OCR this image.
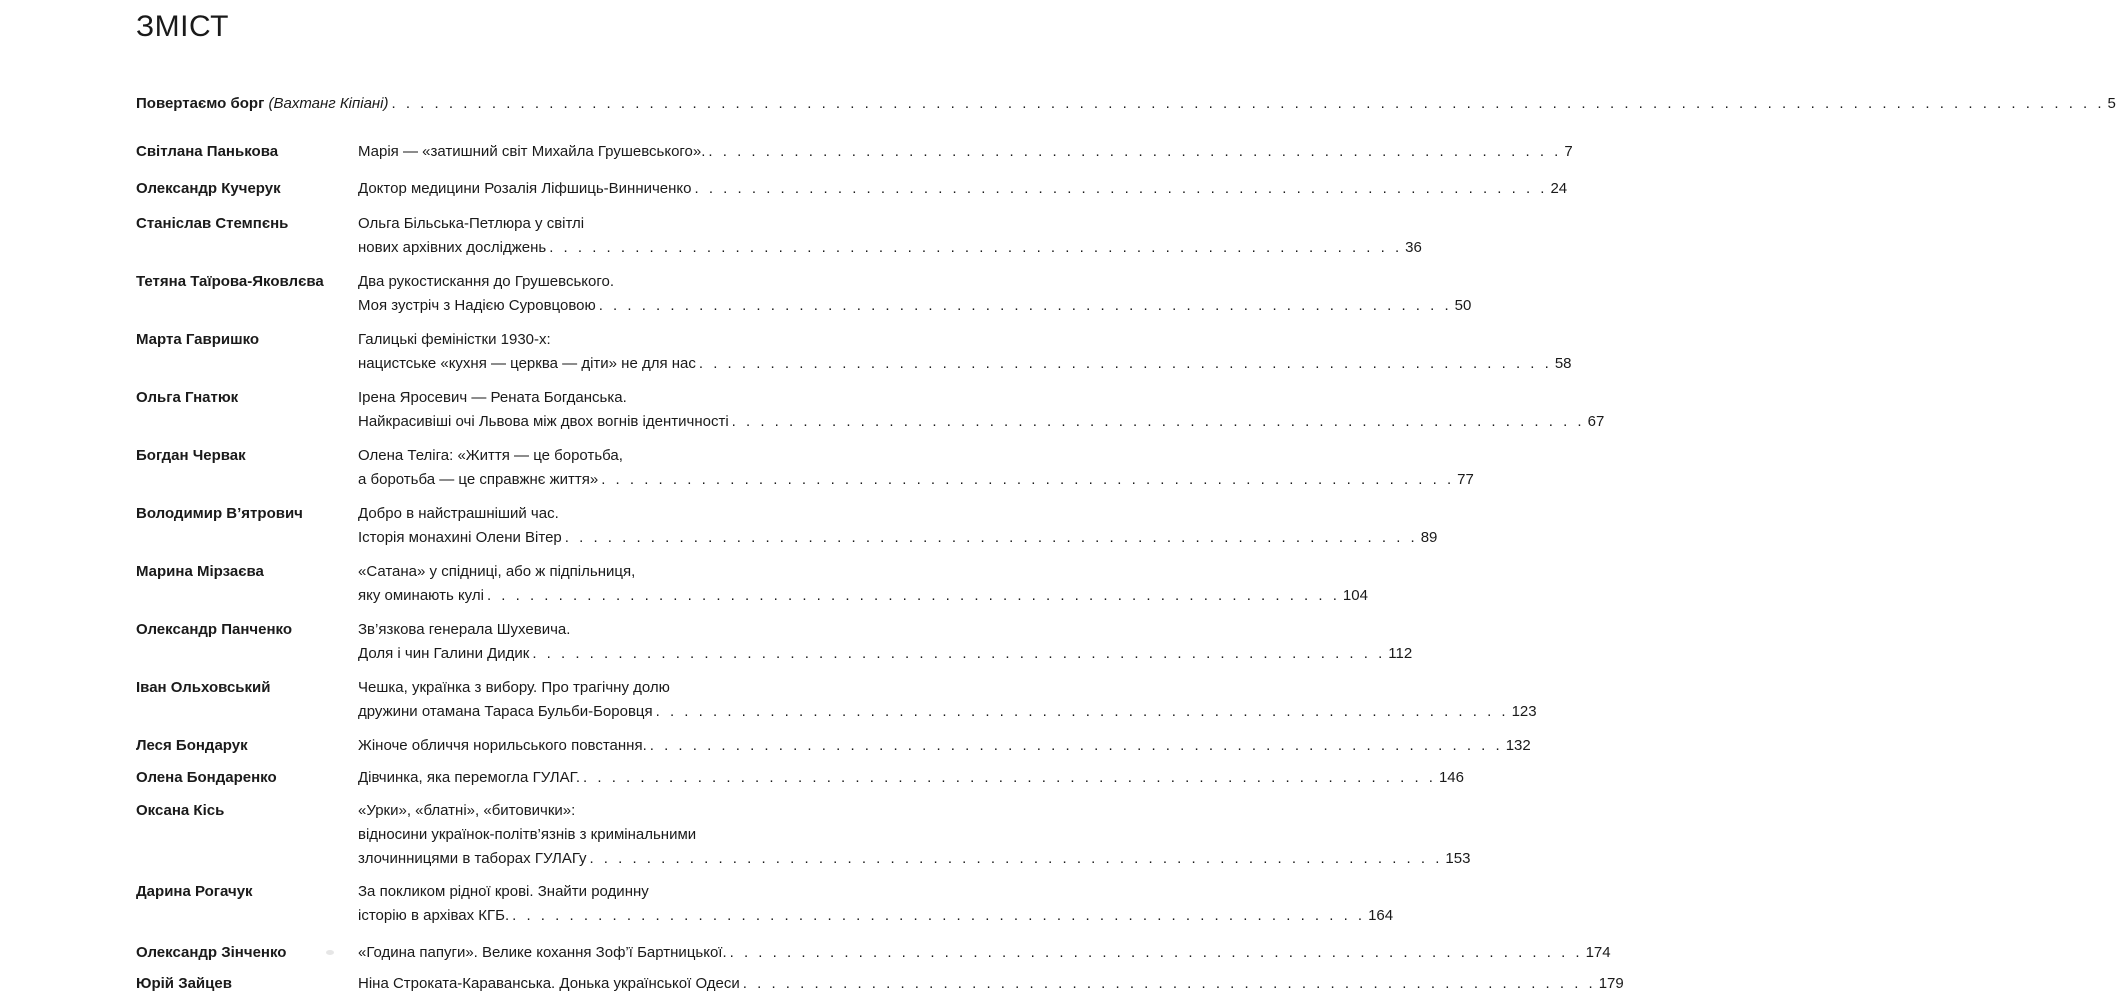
ЗМІСТ
Повертаємо борг (Вахтанг Кіпіані) . . . . . . . . . . . . . . . . . . . . . . . . . . . . . . . . . . . . . . . . . . . . . . . . . . . . . . . . . . . . . . . . . . . . . . . . . . . . . . . . . . . . . . . . . . . . . . . . . . . . . . . . . . . . . . . . . . . . . . . . 5
Світлана Панькова	Марія — «затишний світ Михайла Грушевського». . . . . . . . . . . . . . . . . . . . . . . . . . . . . . . . . . . . . . . . . . . . . . . . . . . . . . . . . . . . . 7
Олександр Кучерук	Доктор медицини Розалія Ліфшиць-Винниченко . . . . . . . . . . . . . . . . . . . . . . . . . . . . . . . . . . . . . . . . . . . . . . . . . . . . . . . . . . . . 24
Станіслав Стемпєнь	Ольга Більська-Петлюра у світлі
нових архівних досліджень . . . . . . . . . . . . . . . . . . . . . . . . . . . . . . . . . . . . . . . . . . . . . . . . . . . . . . . . . . . . 36
Тетяна Таїрова-Яковлєва	Два рукостискання до Грушевського.
Моя зустріч з Надією Суровцовою . . . . . . . . . . . . . . . . . . . . . . . . . . . . . . . . . . . . . . . . . . . . . . . . . . . . . . . . . . . . 50
Марта Гавришко	Галицькі феміністки 1930-х:
нацистське «кухня — церква — діти» не для нас . . . . . . . . . . . . . . . . . . . . . . . . . . . . . . . . . . . . . . . . . . . . . . . . . . . . . . . . . . . . 58
Ольга Гнатюк	Ірена Яросевич — Рената Богданська.
Найкрасивіші очі Львова між двох вогнів ідентичності . . . . . . . . . . . . . . . . . . . . . . . . . . . . . . . . . . . . . . . . . . . . . . . . . . . . . . . . . . . . 67
Богдан Червак	Олена Теліга: «Життя — це боротьба,
а боротьба — це справжнє життя» . . . . . . . . . . . . . . . . . . . . . . . . . . . . . . . . . . . . . . . . . . . . . . . . . . . . . . . . . . . . 77
Володимир В’ятрович	Добро в найстрашніший час.
Історія монахині Олени Вітер . . . . . . . . . . . . . . . . . . . . . . . . . . . . . . . . . . . . . . . . . . . . . . . . . . . . . . . . . . . . 89
Марина Мірзаєва	«Сатана» у спідниці, або ж підпільниця,
яку оминають кулі . . . . . . . . . . . . . . . . . . . . . . . . . . . . . . . . . . . . . . . . . . . . . . . . . . . . . . . . . . . . 104
Олександр Панченко	Зв’язкова генерала Шухевича.
Доля і чин Галини Дидик . . . . . . . . . . . . . . . . . . . . . . . . . . . . . . . . . . . . . . . . . . . . . . . . . . . . . . . . . . . . 112
Іван Ольховський	Чешка, українка з вибору. Про трагічну долю
дружини отамана Тараса Бульби-Боровця . . . . . . . . . . . . . . . . . . . . . . . . . . . . . . . . . . . . . . . . . . . . . . . . . . . . . . . . . . . . 123
Леся Бондарук	Жіноче обличчя норильського повстання. . . . . . . . . . . . . . . . . . . . . . . . . . . . . . . . . . . . . . . . . . . . . . . . . . . . . . . . . . . . . 132
Олена Бондаренко	Дівчинка, яка перемогла ГУЛАГ. . . . . . . . . . . . . . . . . . . . . . . . . . . . . . . . . . . . . . . . . . . . . . . . . . . . . . . . . . . . . 146
Оксана Кісь	«Урки», «блатні», «битовички»:
відносини українок-політв’язнів з кримінальними
злочинницями в таборах ГУЛАГу . . . . . . . . . . . . . . . . . . . . . . . . . . . . . . . . . . . . . . . . . . . . . . . . . . . . . . . . . . . . 153
Дарина Рогачук	За покликом рідної крові. Знайти родинну
історію в архівах КГБ. . . . . . . . . . . . . . . . . . . . . . . . . . . . . . . . . . . . . . . . . . . . . . . . . . . . . . . . . . . . . 164
Олександр Зінченко	«Година папуги». Велике кохання Зоф’ї Бартницької. . . . . . . . . . . . . . . . . . . . . . . . . . . . . . . . . . . . . . . . . . . . . . . . . . . . . . . . . . . . . 174
Юрій Зайцев	Ніна Строката-Караванська. Донька української Одеси . . . . . . . . . . . . . . . . . . . . . . . . . . . . . . . . . . . . . . . . . . . . . . . . . . . . . . . . . . . . 179
